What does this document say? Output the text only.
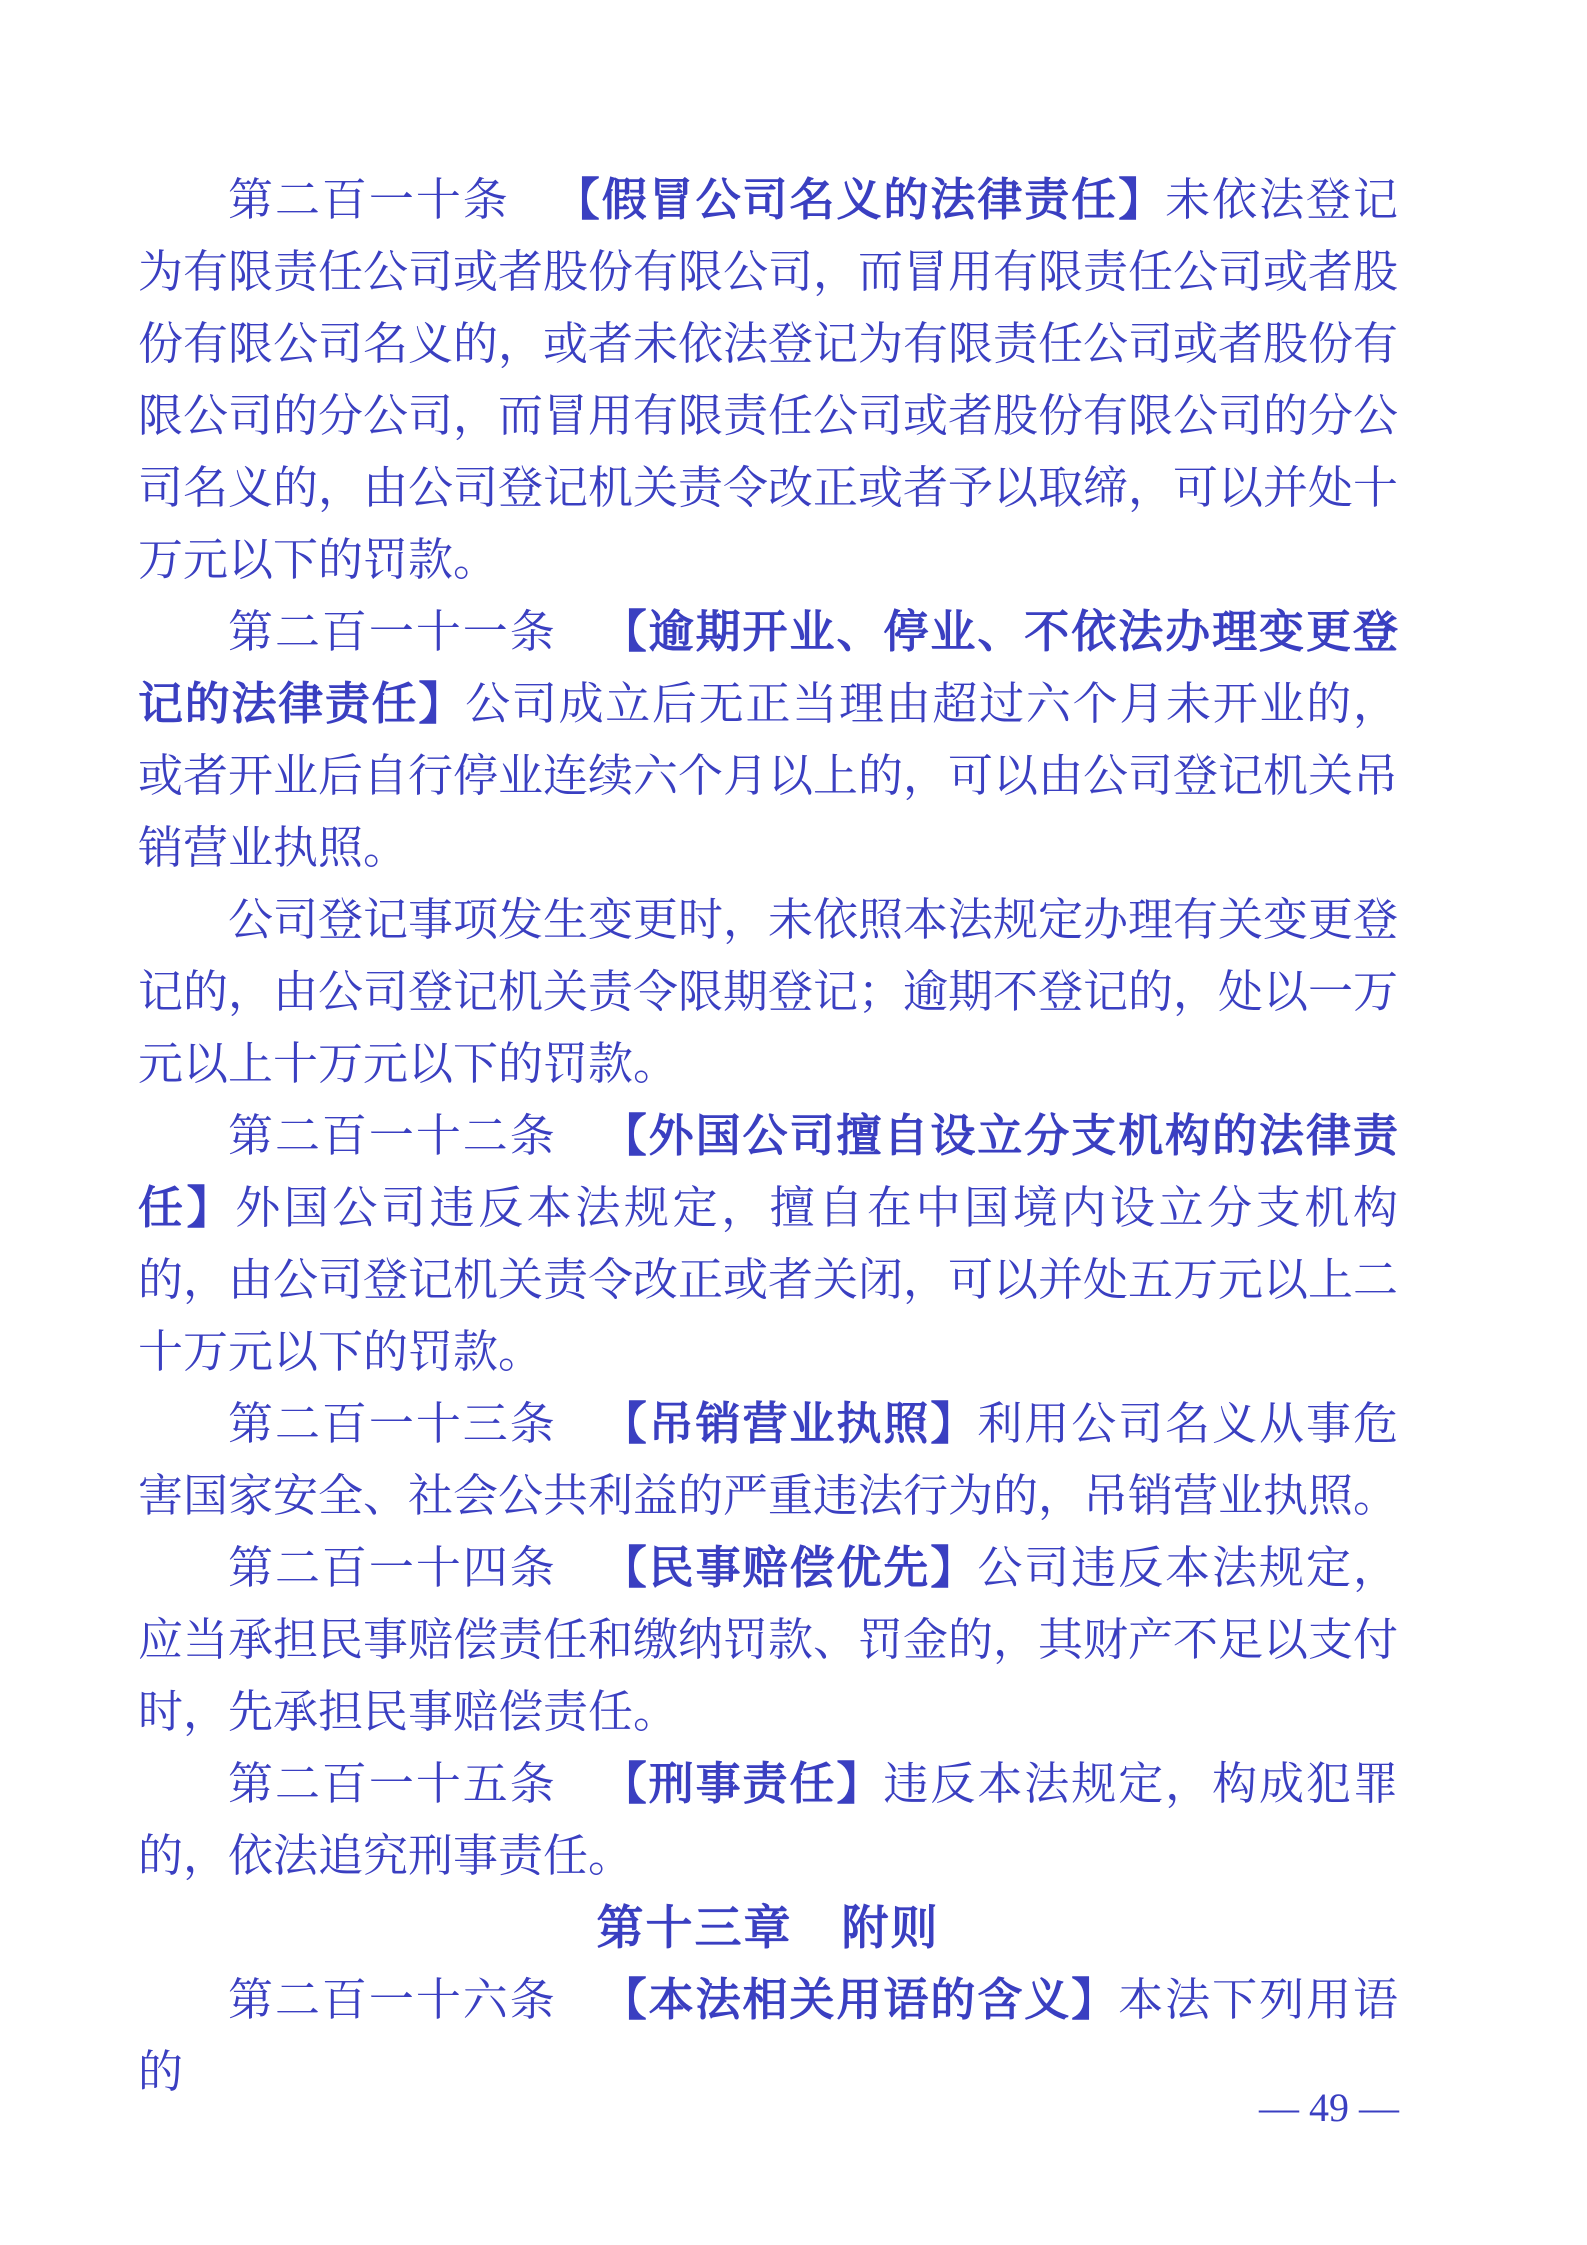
第二百一十条 【假冒公司名义的法律责任】未依法登记为有限责任公司或者股份有限公司，而冒用有限责任公司或者股份有限公司名义的，或者未依法登记为有限责任公司或者股份有限公司的分公司，而冒用有限责任公司或者股份有限公司的分公司名义的，由公司登记机关责令改正或者予以取缔，可以并处十万元以下的罚款。

第二百一十一条 【逾期开业、停业、不依法办理变更登记的法律责任】公司成立后无正当理由超过六个月未开业的，或者开业后自行停业连续六个月以上的，可以由公司登记机关吊销营业执照。

公司登记事项发生变更时，未依照本法规定办理有关变更登记的，由公司登记机关责令限期登记；逾期不登记的，处以一万元以上十万元以下的罚款。

第二百一十二条 【外国公司擅自设立分支机构的法律责任】外国公司违反本法规定，擅自在中国境内设立分支机构的，由公司登记机关责令改正或者关闭，可以并处五万元以上二十万元以下的罚款。

第二百一十三条 【吊销营业执照】利用公司名义从事危害国家安全、社会公共利益的严重违法行为的，吊销营业执照。

第二百一十四条 【民事赔偿优先】公司违反本法规定，应当承担民事赔偿责任和缴纳罚款、罚金的，其财产不足以支付时，先承担民事赔偿责任。

第二百一十五条 【刑事责任】违反本法规定，构成犯罪的，依法追究刑事责任。

第十三章　附则

第二百一十六条 【本法相关用语的含义】本法下列用语的

— 49 —
